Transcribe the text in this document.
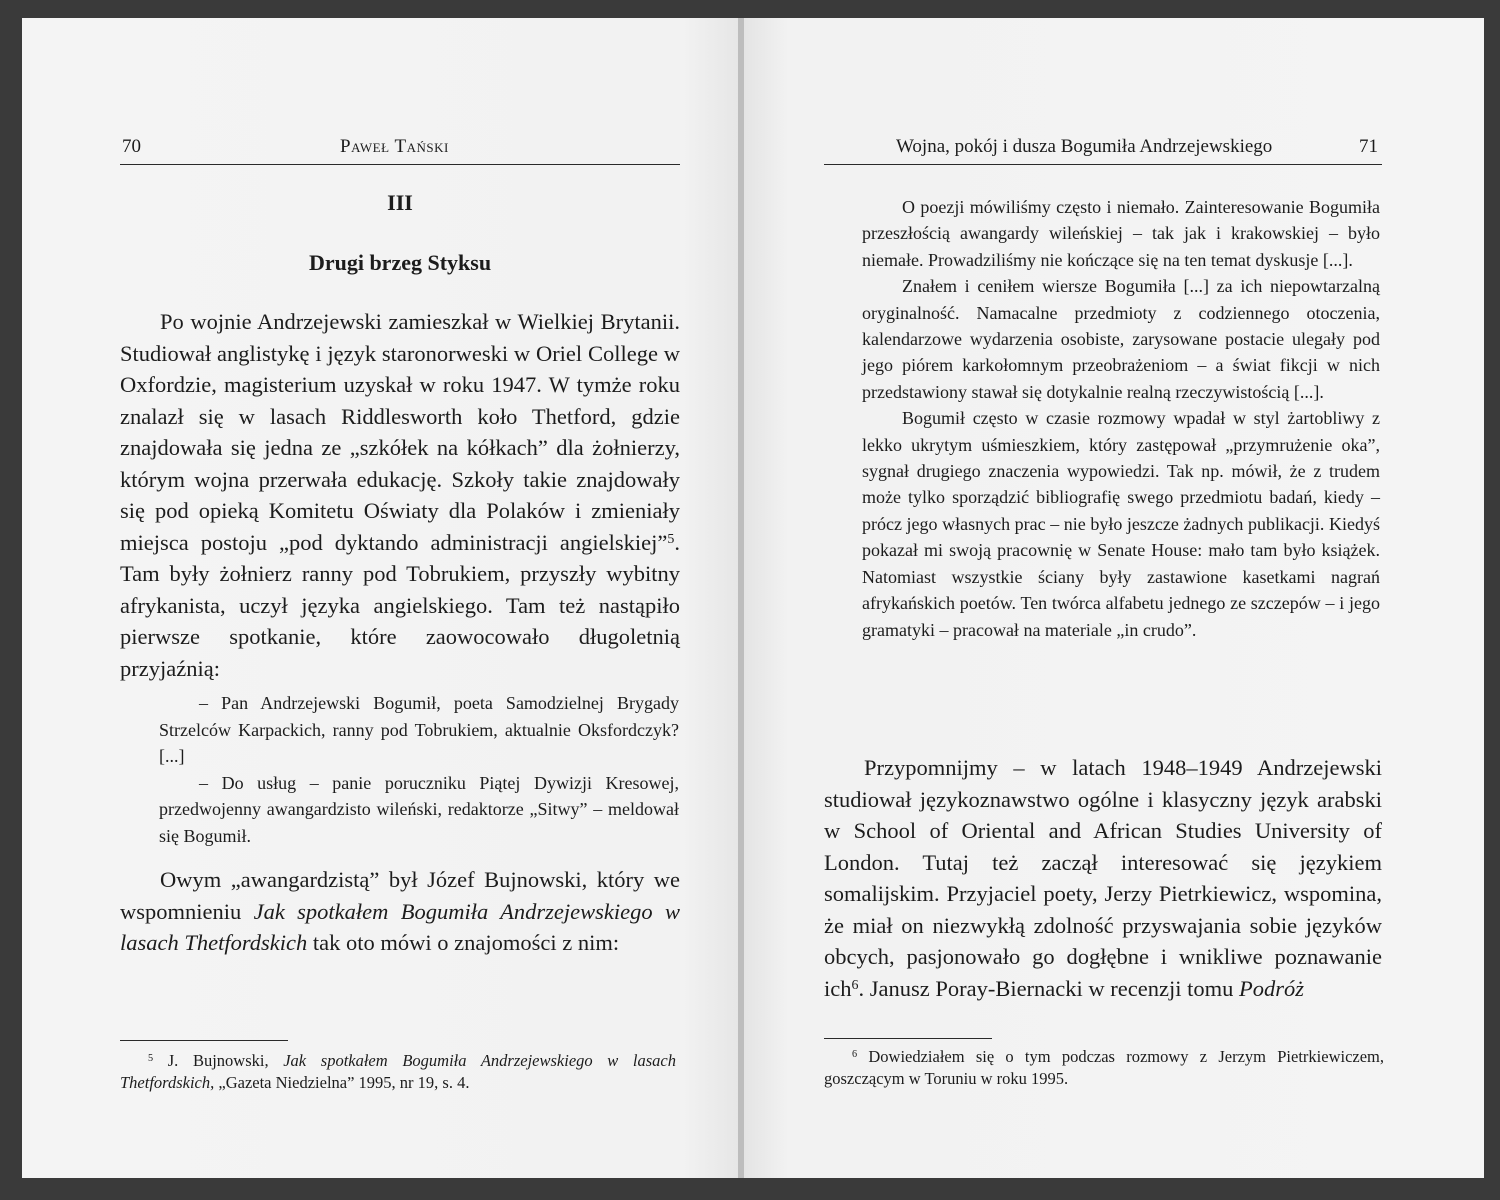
70	Paweł Tański
III
Drugi brzeg Styksu

Po wojnie Andrzejewski zamieszkał w Wielkiej Brytanii. Studiował anglistykę i język staronorweski w Oriel College w Oxfordzie, magisterium uzyskał w roku 1947. W tymże roku znalazł się w lasach Riddlesworth koło Thetford, gdzie znajdowała się jedna ze „szkółek na kółkach” dla żołnierzy, którym wojna przerwała edukację. Szkoły takie znajdowały się pod opieką Komitetu Oświaty dla Polaków i zmieniały miejsca postoju „pod dyktando administracji angielskiej”$^5$. Tam były żołnierz ranny pod Tobrukiem, przyszły wybitny afrykanista, uczył języka angielskiego. Tam też nastąpiło pierwsze spotkanie, które zaowocowało długoletnią przyjaźnią:

– Pan Andrzejewski Bogumił, poeta Samodzielnej Brygady Strzelców Karpackich, ranny pod Tobrukiem, aktualnie Oksfordczyk? [...]

– Do usług – panie poruczniku Piątej Dywizji Kresowej, przedwojenny awangardzisto wileński, redaktorze „Sitwy” – meldował się Bogumił.

Owym „awangardzistą” był Józef Bujnowski, który we wspomnieniu Jak spotkałem Bogumiła Andrzejewskiego w lasach Thetfordskich tak oto mówi o znajomości z nim:

$^5$ J. Bujnowski, Jak spotkałem Bogumiła Andrzejewskiego w lasach Thetfordskich, „Gazeta Niedzielna” 1995, nr 19, s. 4.

Wojna, pokój i dusza Bogumiła Andrzejewskiego	71

O poezji mówiliśmy często i niemało. Zainteresowanie Bogumiła przeszłością awangardy wileńskiej – tak jak i krakowskiej – było niemałe. Prowadziliśmy nie kończące się na ten temat dyskusje [...].

Znałem i ceniłem wiersze Bogumiła [...] za ich niepowtarzalną oryginalność. Namacalne przedmioty z codziennego otoczenia, kalendarzowe wydarzenia osobiste, zarysowane postacie ulegały pod jego piórem karkołomnym przeobrażeniom – a świat fikcji w nich przedstawiony stawał się dotykalnie realną rzeczywistością [...].

Bogumił często w czasie rozmowy wpadał w styl żartobliwy z lekko ukrytym uśmieszkiem, który zastępował „przymrużenie oka”, sygnał drugiego znaczenia wypowiedzi. Tak np. mówił, że z trudem może tylko sporządzić bibliografię swego przedmiotu badań, kiedy – prócz jego własnych prac – nie było jeszcze żadnych publikacji. Kiedyś pokazał mi swoją pracownię w Senate House: mało tam było książek. Natomiast wszystkie ściany były zastawione kasetkami nagrań afrykańskich poetów. Ten twórca alfabetu jednego ze szczepów – i jego gramatyki – pracował na materiale „in crudo”.

Przypomnijmy – w latach 1948–1949 Andrzejewski studiował językoznawstwo ogólne i klasyczny język arabski w School of Oriental and African Studies University of London. Tutaj też zaczął interesować się językiem somalijskim. Przyjaciel poety, Jerzy Pietrkiewicz, wspomina, że miał on niezwykłą zdolność przyswajania sobie języków obcych, pasjonowało go dogłębne i wnikliwe poznawanie ich$^6$. Janusz Poray-Biernacki w recenzji tomu Podróż

$^6$ Dowiedziałem się o tym podczas rozmowy z Jerzym Pietrkiewiczem, goszczącym w Toruniu w roku 1995.
